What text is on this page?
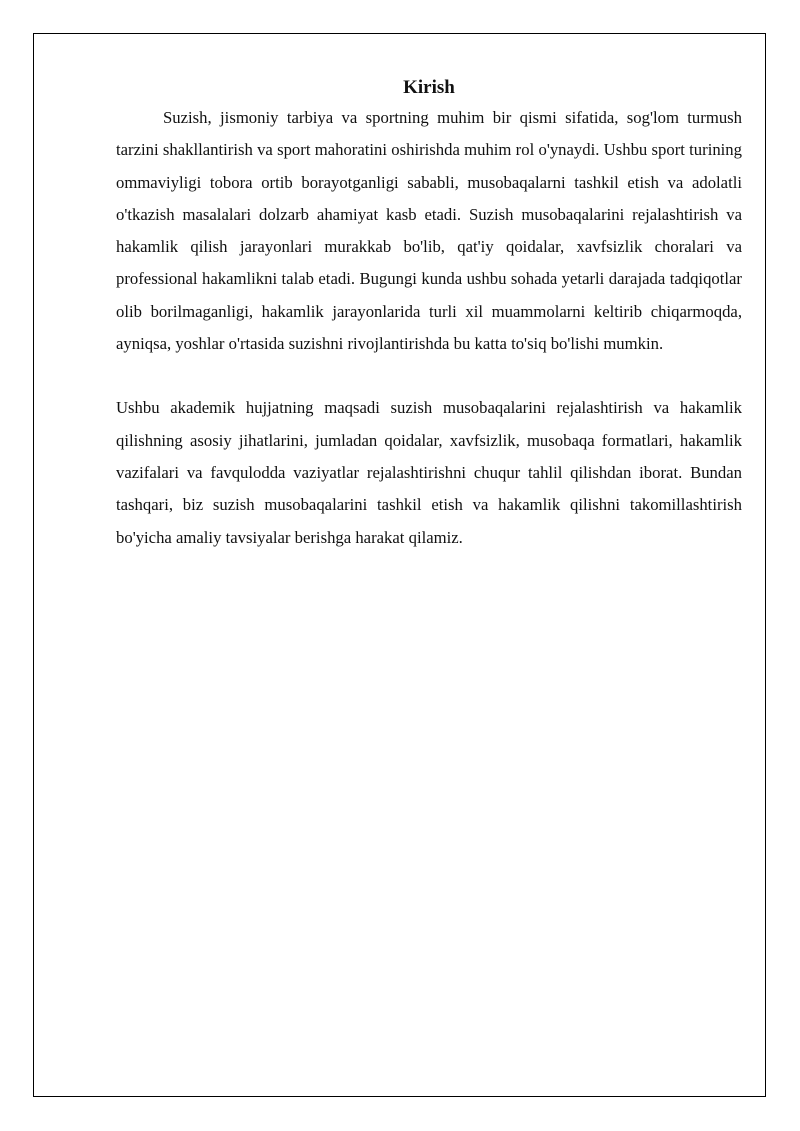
Kirish

Suzish, jismoniy tarbiya va sportning muhim bir qismi sifatida, sog'lom turmush tarzini shakllantirish va sport mahoratini oshirishda muhim rol o'ynaydi. Ushbu sport turining ommaviyligi tobora ortib borayotganligi sababli, musobaqalarni tashkil etish va adolatli o'tkazish masalalari dolzarb ahamiyat kasb etadi. Suzish musobaqalarini rejalashtirish va hakamlik qilish jarayonlari murakkab bo'lib, qat'iy qoidalar, xavfsizlik choralari va professional hakamlikni talab etadi. Bugungi kunda ushbu sohada yetarli darajada tadqiqotlar olib borilmaganligi, hakamlik jarayonlarida turli xil muammolarni keltirib chiqarmoqda, ayniqsa, yoshlar o'rtasida suzishni rivojlantirishda bu katta to'siq bo'lishi mumkin.

Ushbu akademik hujjatning maqsadi suzish musobaqalarini rejalashtirish va hakamlik qilishning asosiy jihatlarini, jumladan qoidalar, xavfsizlik, musobaqa formatlari, hakamlik vazifalari va favqulodda vaziyatlar rejalashtirishni chuqur tahlil qilishdan iborat. Bundan tashqari, biz suzish musobaqalarini tashkil etish va hakamlik qilishni takomillashtirish bo'yicha amaliy tavsiyalar berishga harakat qilamiz.
